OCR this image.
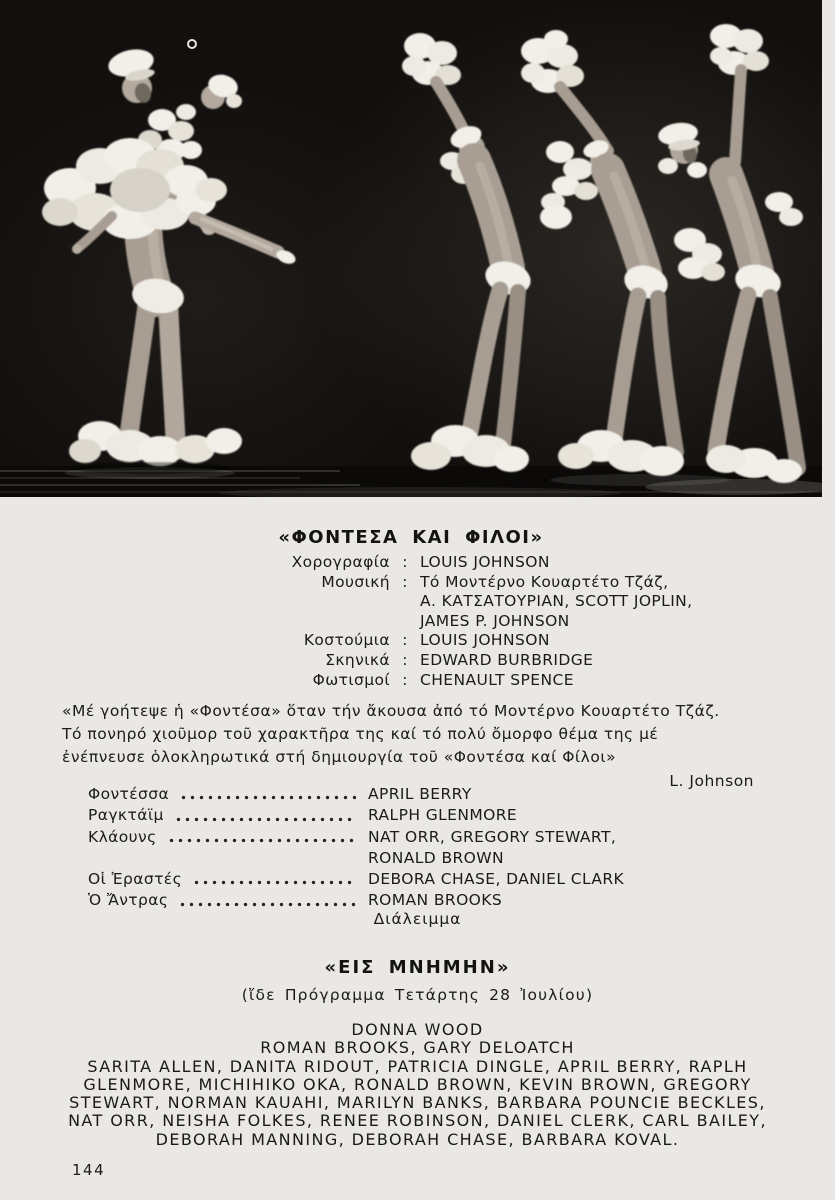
«ΦΟΝΤΕΣΑ ΚΑΙ ΦΙΛΟΙ»
Χορογραφία : LOUIS JOHNSON
Μουσική : Τό Μοντέρνο Κουαρτέτο Τζάζ,
Α. ΚΑΤΣΑΤΟΥΡΙΑΝ, SCOTT JOPLIN,
JAMES P. JOHNSON
Κοστούμια : LOUIS JOHNSON
Σκηνικά : EDWARD BURBRIDGE
Φωτισμοί : CHENAULT SPENCE
«Μέ γοήτεψε ἡ «Φοντέσα» ὅταν τήν ἄκουσα ἀπό τό Μοντέρνο Κουαρτέτο Τζάζ.
Τό πονηρό χιοῦμορ τοῦ χαρακτῆρα της καί τό πολύ ὄμορφο θέμα της μέ
ἐνέπνευσε ὁλοκληρωτικά στή δημιουργία τοῦ «Φοντέσα καί Φίλοι»
L. Johnson
Φοντέσσα	APRIL BERRY
Ραγκτάϊμ	RALPH GLENMORE
Κλάουνς	NAT ORR, GREGORY STEWART,
RONALD BROWN
Οἱ Ἐραστές	DEBORA CHASE, DANIEL CLARK
Ὁ Ἄντρας	ROMAN BROOKS
Διάλειμμα
«ΕΙΣ ΜΝΗΜΗΝ»
(ἴδε Πρόγραμμα Τετάρτης 28 Ἰουλίου)
DONNA WOOD
ROMAN BROOKS, GARY DELOATCH
SARITA ALLEN, DANITA RIDOUT, PATRICIA DINGLE, APRIL BERRY, RAPLH
GLENMORE, MICHIHIKO OKA, RONALD BROWN, KEVIN BROWN, GREGORY
STEWART, NORMAN KAUAHI, MARILYN BANKS, BARBARA POUNCIE BECKLES,
NAT ORR, NEISHA FOLKES, RENEE ROBINSON, DANIEL CLERK, CARL BAILEY,
DEBORAH MANNING, DEBORAH CHASE, BARBARA KOVAL.
144
